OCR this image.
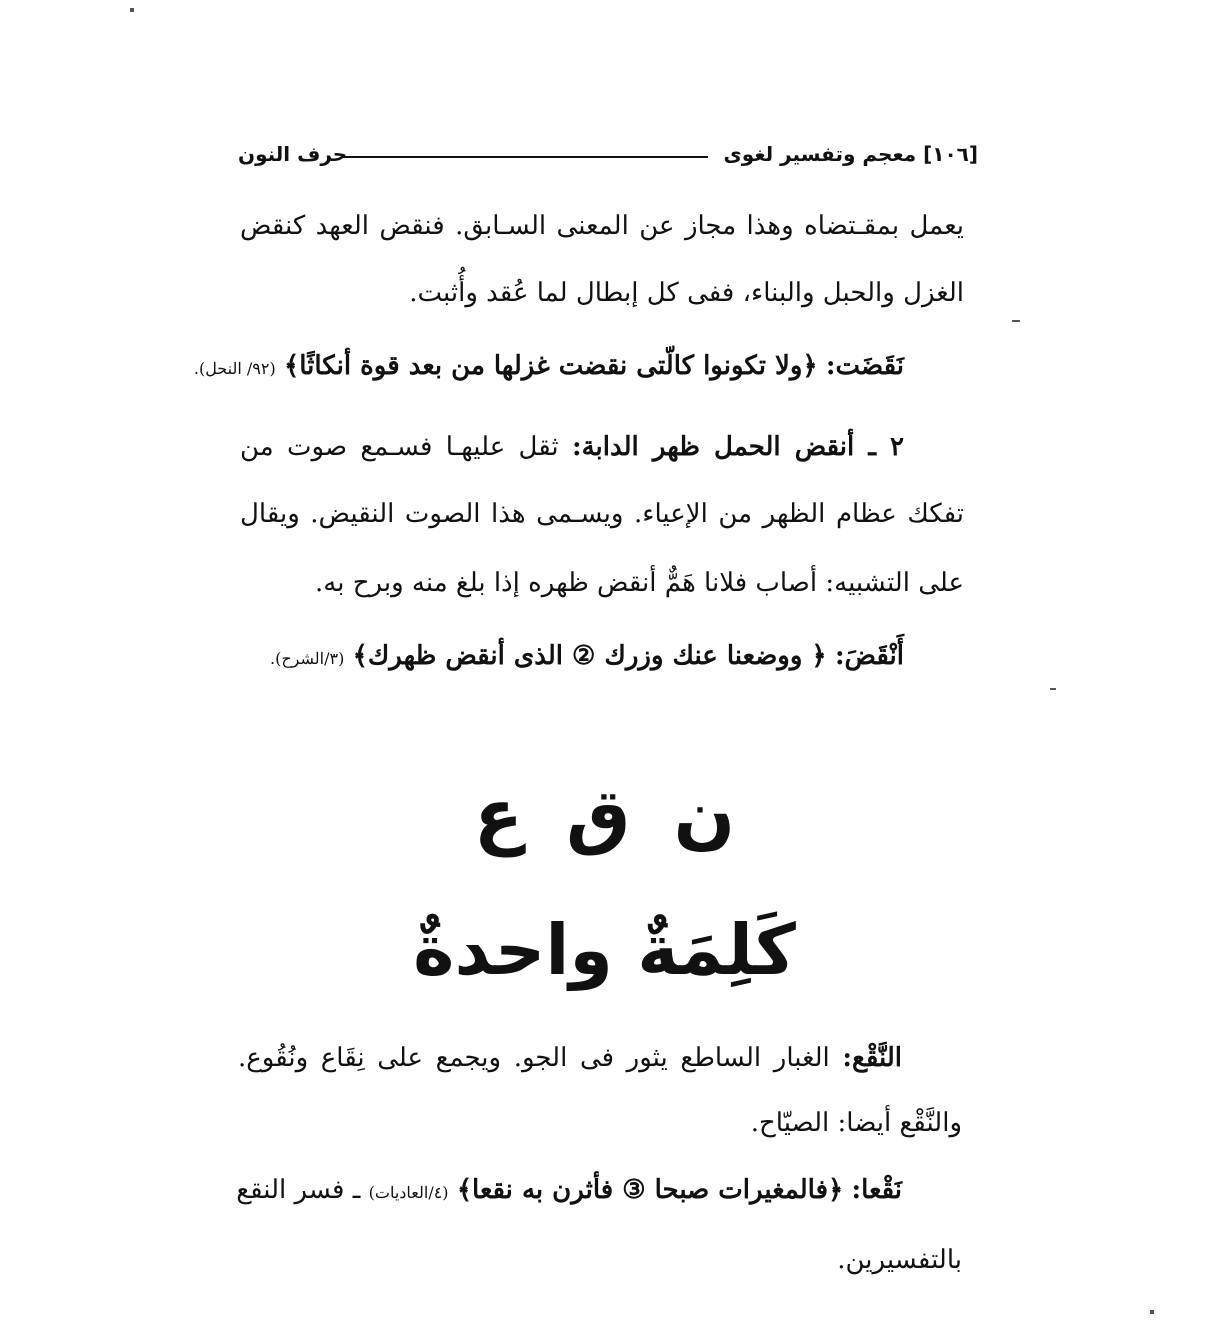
[١٠٦] معجم وتفسير لغوى
حرف النون
يعمل بمقـتضاه وهذا مجاز عن المعنى السـابق. فنقض العهد كنقض
الغزل والحبل والبناء، ففى كل إبطال لما عُقد وأُثبت.
نَقَضَت: ﴿ولا تكونوا كالّتى نقضت غزلها من بعد قوة أنكاثًا﴾ (٩٢/ النحل).
٢ ـ أنقض الحمل ظهر الدابة: ثقل عليهـا فسـمع صوت من
تفكك عظام الظهر من الإعياء. ويسـمى هذا الصوت النقيض. ويقال
على التشبيه: أصاب فلانا هَمٌّ أنقض ظهره إذا بلغ منه وبرح به.
أَنْقَضَ: ﴿ ووضعنا عنك وزرك ② الذى أنقض ظهرك﴾ (٣/الشرح).
ن ق ع
كَلِمَةٌ واحدةٌ
النَّقْع: الغبار الساطع يثور فى الجو. ويجمع على نِقَاع ونُقُوع.
والنَّقْع أيضا: الصيّاح.
نَقْعا: ﴿فالمغيرات صبحا ③ فأثرن به نقعا﴾ (٤/العاديات) ـ فسر النقع
بالتفسيرين.
